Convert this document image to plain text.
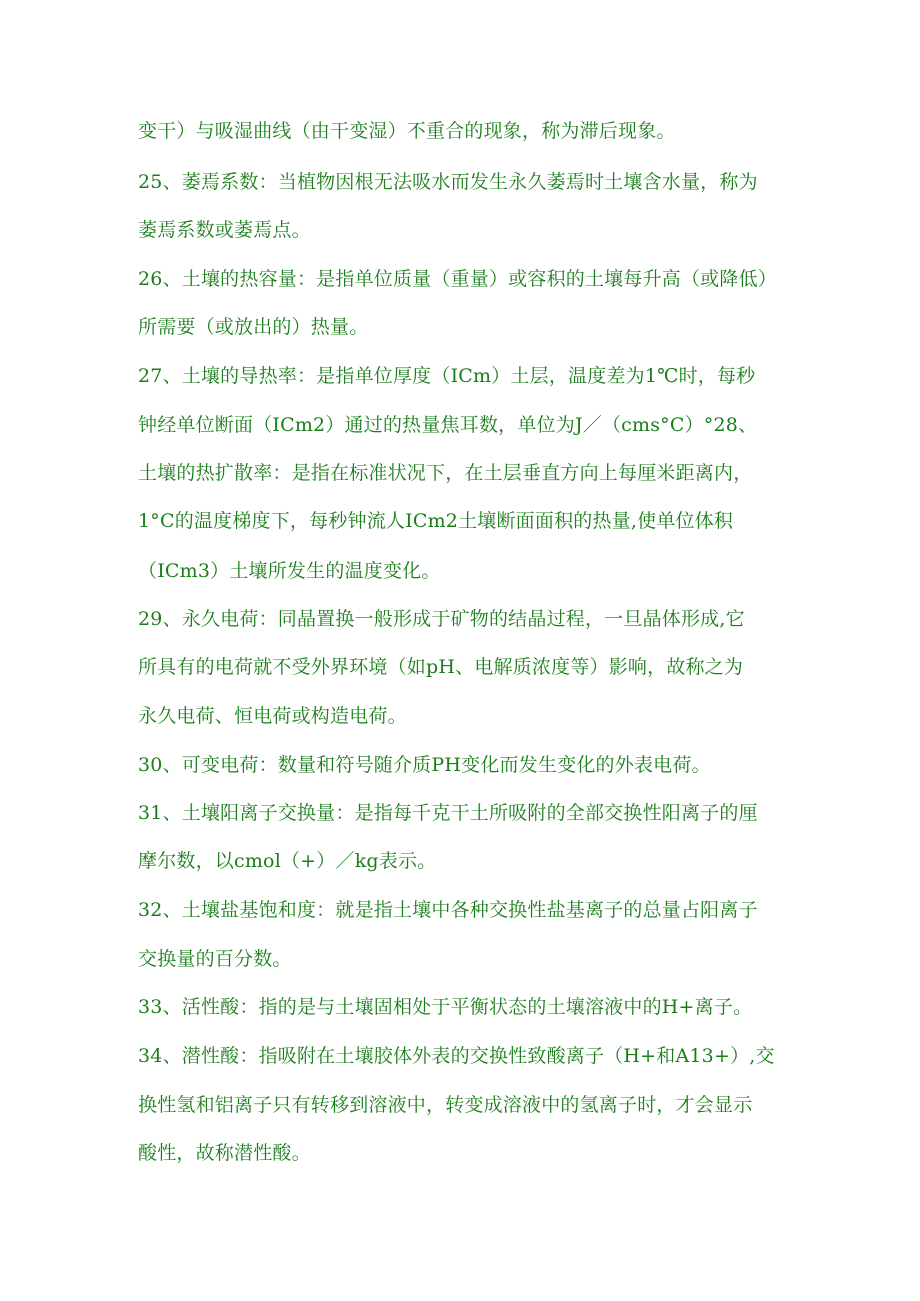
变干）与吸湿曲线（由干变湿）不重合的现象，称为滞后现象。
25、萎焉系数：当植物因根无法吸水而发生永久萎焉时土壤含水量，称为
萎焉系数或萎焉点。
26、土壤的热容量：是指单位质量（重量）或容积的土壤每升高（或降低）
所需要（或放出的）热量。
27、土壤的导热率：是指单位厚度（ICm）土层，温度差为1℃时，每秒
钟经单位断面（ICm2）通过的热量焦耳数，单位为J／（cms°C）°28、
土壤的热扩散率：是指在标准状况下，在土层垂直方向上每厘米距离内，
1°C的温度梯度下，每秒钟流人ICm2土壤断面面积的热量,使单位体积
（ICm3）土壤所发生的温度变化。
29、永久电荷：同晶置换一般形成于矿物的结晶过程，一旦晶体形成,它
所具有的电荷就不受外界环境（如pH、电解质浓度等）影响，故称之为
永久电荷、恒电荷或构造电荷。
30、可变电荷：数量和符号随介质PH变化而发生变化的外表电荷。
31、土壤阳离子交换量：是指每千克干土所吸附的全部交换性阳离子的厘
摩尔数，以cmol（+）／kg表示。
32、土壤盐基饱和度：就是指土壤中各种交换性盐基离子的总量占阳离子
交换量的百分数。
33、活性酸：指的是与土壤固相处于平衡状态的土壤溶液中的H+离子。
34、潜性酸：指吸附在土壤胶体外表的交换性致酸离子（H+和A13+）,交
换性氢和铝离子只有转移到溶液中，转变成溶液中的氢离子时，才会显示
酸性，故称潜性酸。
